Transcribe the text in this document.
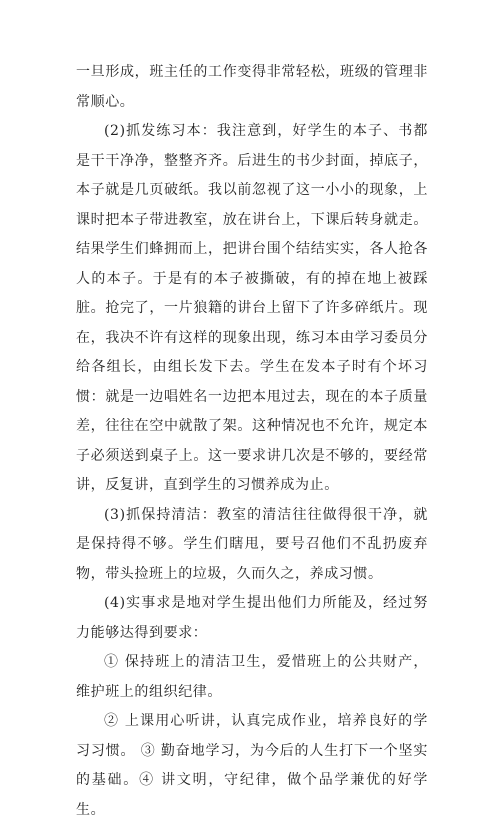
一旦形成，班主任的工作变得非常轻松，班级的管理非常顺心。

(2)抓发练习本：我注意到，好学生的本子、书都是干干净净，整整齐齐。后进生的书少封面，掉底子，本子就是几页破纸。我以前忽视了这一小小的现象，上课时把本子带进教室，放在讲台上，下课后转身就走。结果学生们蜂拥而上，把讲台围个结结实实，各人抢各人的本子。于是有的本子被撕破，有的掉在地上被踩脏。抢完了，一片狼籍的讲台上留下了许多碎纸片。现在，我决不许有这样的现象出现，练习本由学习委员分给各组长，由组长发下去。学生在发本子时有个坏习惯：就是一边唱姓名一边把本甩过去，现在的本子质量差，往往在空中就散了架。这种情况也不允许，规定本子必须送到桌子上。这一要求讲几次是不够的，要经常讲，反复讲，直到学生的习惯养成为止。

(3)抓保持清洁：教室的清洁往往做得很干净，就是保持得不够。学生们瞎甩，要号召他们不乱扔废弃物，带头捡班上的垃圾，久而久之，养成习惯。

(4)实事求是地对学生提出他们力所能及，经过努力能够达得到要求：

① 保持班上的清洁卫生，爱惜班上的公共财产，维护班上的组织纪律。

② 上课用心听讲，认真完成作业，培养良好的学习习惯。 ③ 勤奋地学习，为今后的人生打下一个坚实的基础。④ 讲文明，守纪律，做个品学兼优的好学生。
